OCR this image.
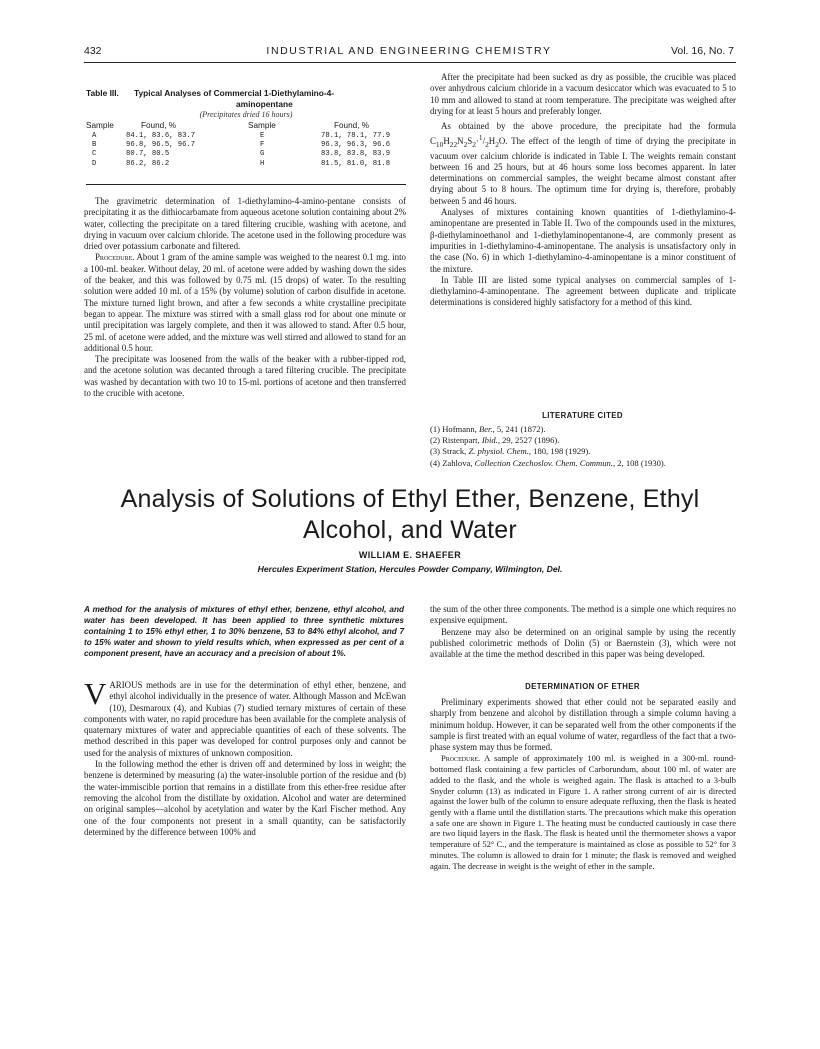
432	INDUSTRIAL AND ENGINEERING CHEMISTRY	Vol. 16, No. 7
Table III. Typical Analyses of Commercial 1-Diethylamino-4-
aminopentane
(Precipitates dried 16 hours)
Sample	Found, %	Sample	Found, %
A	84.1, 83.6, 83.7	E	78.1, 78.1, 77.9
B	96.8, 96.5, 96.7	F	96.3, 96.3, 96.6
C	80.7, 80.5	G	83.8, 83.8, 83.9
D	86.2, 86.2	H	81.5, 81.0, 81.8

The gravimetric determination of 1-diethylamino-4-amino-pentane consists of precipitating it as the dithiocarbamate from aqueous acetone solution containing about 2% water, collecting the precipitate on a tared filtering crucible, washing with acetone, and drying in vacuum over calcium chloride. The acetone used in the following procedure was dried over potassium carbonate and filtered.

Procedure. About 1 gram of the amine sample was weighed to the nearest 0.1 mg. into a 100-ml. beaker. Without delay, 20 ml. of acetone were added by washing down the sides of the beaker, and this was followed by 0.75 ml. (15 drops) of water. To the resulting solution were added 10 ml. of a 15% (by volume) solution of carbon disulfide in acetone. The mixture turned light brown, and after a few seconds a white crystalline precipitate began to appear. The mixture was stirred with a small glass rod for about one minute or until precipitation was largely complete, and then it was allowed to stand. After 0.5 hour, 25 ml. of acetone were added, and the mixture was well stirred and allowed to stand for an additional 0.5 hour.

The precipitate was loosened from the walls of the beaker with a rubber-tipped rod, and the acetone solution was decanted through a tared filtering crucible. The precipitate was washed by decantation with two 10 to 15-ml. portions of acetone and then transferred to the crucible with acetone.

After the precipitate had been sucked as dry as possible, the crucible was placed over anhydrous calcium chloride in a vacuum desiccator which was evacuated to 5 to 10 mm and allowed to stand at room temperature. The precipitate was weighed after drying for at least 5 hours and preferably longer.

As obtained by the above procedure, the precipitate had the formula $C_{10}H_{22}N_2S_2\cdot^1/_2H_2O$. The effect of the length of time of drying the precipitate in vacuum over calcium chloride is indicated in Table I. The weights remain constant between 16 and 25 hours, but at 46 hours some loss becomes apparent. In later determinations on commercial samples, the weight became almost constant after drying about 5 to 8 hours. The optimum time for drying is, therefore, probably between 5 and 46 hours.

Analyses of mixtures containing known quantities of 1-diethylamino-4-aminopentane are presented in Table II. Two of the compounds used in the mixtures, β-diethylaminoethanol and 1-diethylaminopentanone-4, are commonly present as impurities in 1-diethylamino-4-aminopentane. The analysis is unsatisfactory only in the case (No. 6) in which 1-diethylamino-4-aminopentane is a minor constituent of the mixture.

In Table III are listed some typical analyses on commercial samples of 1-diethylamino-4-aminopentane. The agreement between duplicate and triplicate determinations is considered highly satisfactory for a method of this kind.

LITERATURE CITED
(1) Hofmann, Ber., 5, 241 (1872).
(2) Ristenpart, Ibid., 29, 2527 (1896).
(3) Strack, Z. physiol. Chem., 180, 198 (1929).
(4) Zahlova, Collection Czechoslov. Chem. Commun., 2, 108 (1930).
Analysis of Solutions of Ethyl Ether, Benzene, Ethyl
Alcohol, and Water
WILLIAM E. SHAEFER
Hercules Experiment Station, Hercules Powder Company, Wilmington, Del.
A method for the analysis of mixtures of ethyl ether, benzene, ethyl alcohol, and water has been developed. It has been applied to three synthetic mixtures containing 1 to 15% ethyl ether, 1 to 30% benzene, 53 to 84% ethyl alcohol, and 7 to 15% water and shown to yield results which, when expressed as per cent of a component present, have an accuracy and a precision of about 1%.

VARIOUS methods are in use for the determination of ethyl ether, benzene, and ethyl alcohol individually in the presence of water. Although Masson and McEwan (10), Desmaroux (4), and Kubias (7) studied ternary mixtures of certain of these components with water, no rapid procedure has been available for the complete analysis of quaternary mixtures of water and appreciable quantities of each of these solvents. The method described in this paper was developed for control purposes only and cannot be used for the analysis of mixtures of unknown composition.

In the following method the ether is driven off and determined by loss in weight; the benzene is determined by measuring (a) the water-insoluble portion of the residue and (b) the water-immiscible portion that remains in a distillate from this ether-free residue after removing the alcohol from the distillate by oxidation. Alcohol and water are determined on original samples—alcohol by acetylation and water by the Karl Fischer method. Any one of the four components not present in a small quantity, can be satisfactorily determined by the difference between 100% and

the sum of the other three components. The method is a simple one which requires no expensive equipment.

Benzene may also be determined on an original sample by using the recently published colorimetric methods of Dolin (5) or Baernstein (3), which were not available at the time the method described in this paper was being developed.

DETERMINATION OF ETHER

Preliminary experiments showed that ether could not be separated easily and sharply from benzene and alcohol by distillation through a simple column having a minimum holdup. However, it can be separated well from the other components if the sample is first treated with an equal volume of water, regardless of the fact that a two-phase system may thus be formed.

Procedure. A sample of approximately 100 ml. is weighed in a 300-ml. round-bottomed flask containing a few particles of Carborundum, about 100 ml. of water are added to the flask, and the whole is weighed again. The flask is attached to a 3-bulb Snyder column (13) as indicated in Figure 1. A rather strong current of air is directed against the lower bulb of the column to ensure adequate refluxing, then the flask is heated gently with a flame until the distillation starts. The precautions which make this operation a safe one are shown in Figure 1. The heating must be conducted cautiously in case there are two liquid layers in the flask. The flask is heated until the thermometer shows a vapor temperature of 52° C., and the temperature is maintained as close as possible to 52° for 3 minutes. The column is allowed to drain for 1 minute; the flask is removed and weighed again. The decrease in weight is the weight of ether in the sample.
